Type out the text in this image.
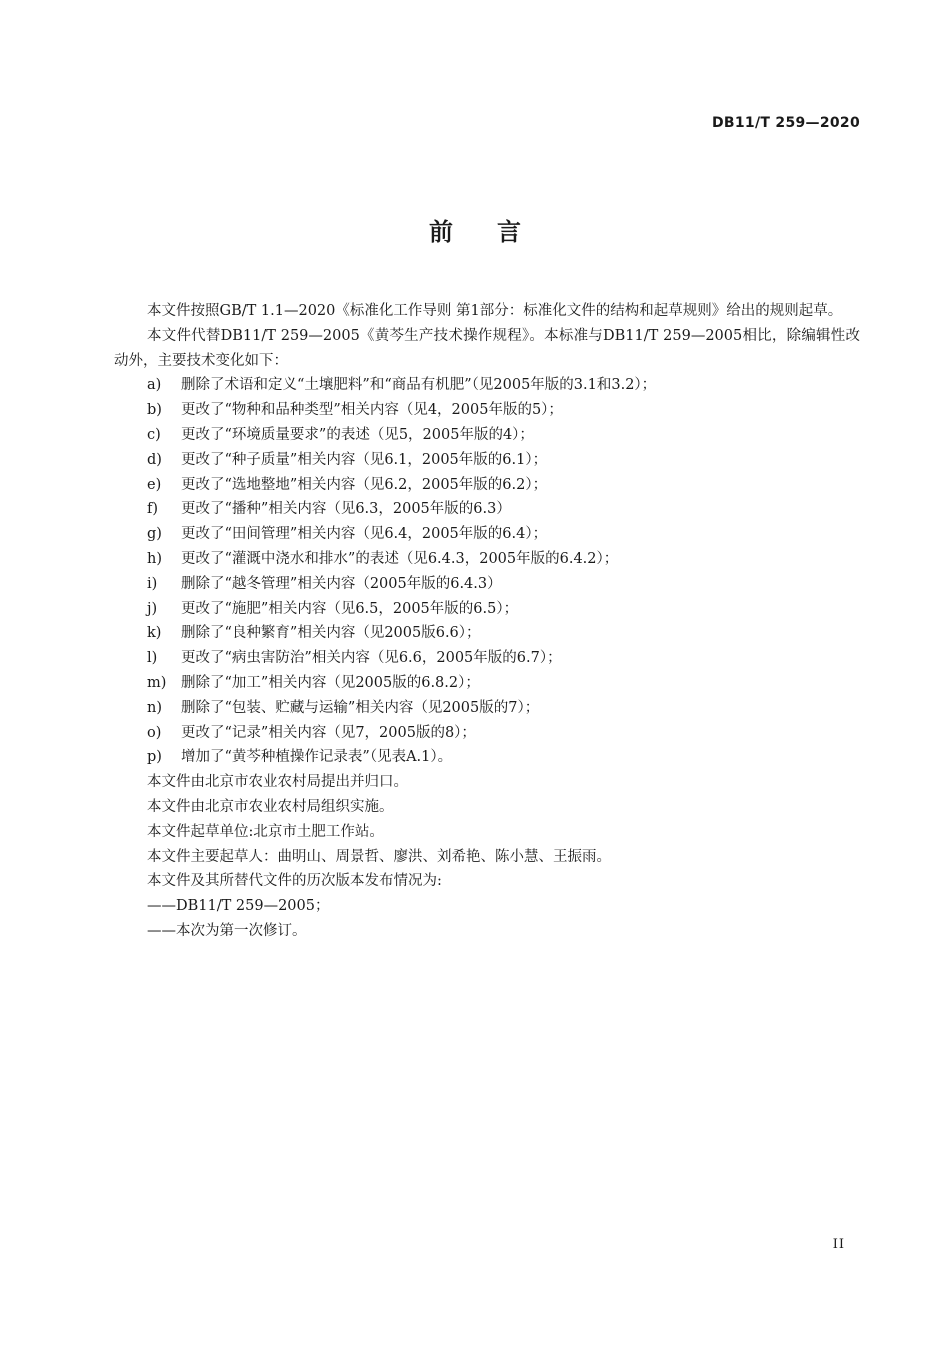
DB11/T 259—2020
前言

本文件按照GB/T 1.1—2020《标准化工作导则 第1部分：标准化文件的结构和起草规则》给出的规则起草。

本文件代替DB11/T 259—2005《黄芩生产技术操作规程》。本标准与DB11/T 259—2005相比，除编辑性改动外，主要技术变化如下：

a) 删除了术语和定义“土壤肥料”和“商品有机肥”（见2005年版的3.1和3.2）；

b) 更改了“物种和品种类型”相关内容（见4，2005年版的5）；

c) 更改了“环境质量要求”的表述（见5，2005年版的4）；

d) 更改了“种子质量”相关内容（见6.1，2005年版的6.1）；

e) 更改了“选地整地”相关内容（见6.2，2005年版的6.2）；

f) 更改了“播种”相关内容（见6.3，2005年版的6.3）

g) 更改了“田间管理”相关内容（见6.4，2005年版的6.4）；

h) 更改了“灌溉中浇水和排水”的表述（见6.4.3，2005年版的6.4.2）；

i) 删除了“越冬管理”相关内容（2005年版的6.4.3）

j) 更改了“施肥”相关内容（见6.5，2005年版的6.5）；

k) 删除了“良种繁育”相关内容（见2005版6.6）；

l) 更改了“病虫害防治”相关内容（见6.6，2005年版的6.7）；

m) 删除了“加工”相关内容（见2005版的6.8.2）；

n) 删除了“包装、贮藏与运输”相关内容（见2005版的7）；

o) 更改了“记录”相关内容（见7，2005版的8）；

p) 增加了“黄芩种植操作记录表”（见表A.1）。

本文件由北京市农业农村局提出并归口。

本文件由北京市农业农村局组织实施。

本文件起草单位:北京市土肥工作站。

本文件主要起草人：曲明山、周景哲、廖洪、刘希艳、陈小慧、王振雨。

本文件及其所替代文件的历次版本发布情况为:

——DB11/T 259—2005；

——本次为第一次修订。

II
